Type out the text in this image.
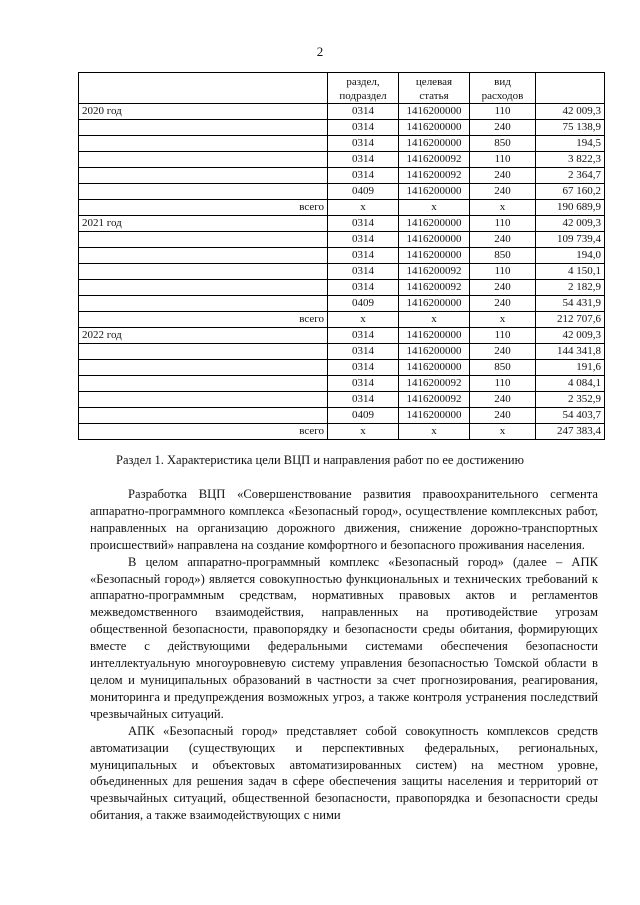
2
	раздел, подраздел	целевая статья	вид расходов	
2020 год	0314	1416200000	110	42 009,3
	0314	1416200000	240	75 138,9
	0314	1416200000	850	194,5
	0314	1416200092	110	3 822,3
	0314	1416200092	240	2 364,7
	0409	1416200000	240	67 160,2
всего	х	х	х	190 689,9
2021 год	0314	1416200000	110	42 009,3
	0314	1416200000	240	109 739,4
	0314	1416200000	850	194,0
	0314	1416200092	110	4 150,1
	0314	1416200092	240	2 182,9
	0409	1416200000	240	54 431,9
всего	х	х	х	212 707,6
2022 год	0314	1416200000	110	42 009,3
	0314	1416200000	240	144 341,8
	0314	1416200000	850	191,6
	0314	1416200092	110	4 084,1
	0314	1416200092	240	2 352,9
	0409	1416200000	240	54 403,7
всего	х	х	х	247 383,4
Раздел 1. Характеристика цели ВЦП и направления работ по ее достижению

Разработка ВЦП «Совершенствование развития правоохранительного сегмента аппаратно-программного комплекса «Безопасный город», осуществление комплексных работ, направленных на организацию дорожного движения, снижение дорожно-транспортных происшествий» направлена на создание комфортного и безопасного проживания населения.

В целом аппаратно-программный комплекс «Безопасный город» (далее – АПК «Безопасный город») является совокупностью функциональных и технических требований к аппаратно-программным средствам, нормативных правовых актов и регламентов межведомственного взаимодействия, направленных на противодействие угрозам общественной безопасности, правопорядку и безопасности среды обитания, формирующих вместе с действующими федеральными системами обеспечения безопасности интеллектуальную многоуровневую систему управления безопасностью Томской области в целом и муниципальных образований в частности за счет прогнозирования, реагирования, мониторинга и предупреждения возможных угроз, а также контроля устранения последствий чрезвычайных ситуаций.

АПК «Безопасный город» представляет собой совокупность комплексов средств автоматизации (существующих и перспективных федеральных, региональных, муниципальных и объектовых автоматизированных систем) на местном уровне, объединенных для решения задач в сфере обеспечения защиты населения и территорий от чрезвычайных ситуаций, общественной безопасности, правопорядка и безопасности среды обитания, а также взаимодействующих с ними
